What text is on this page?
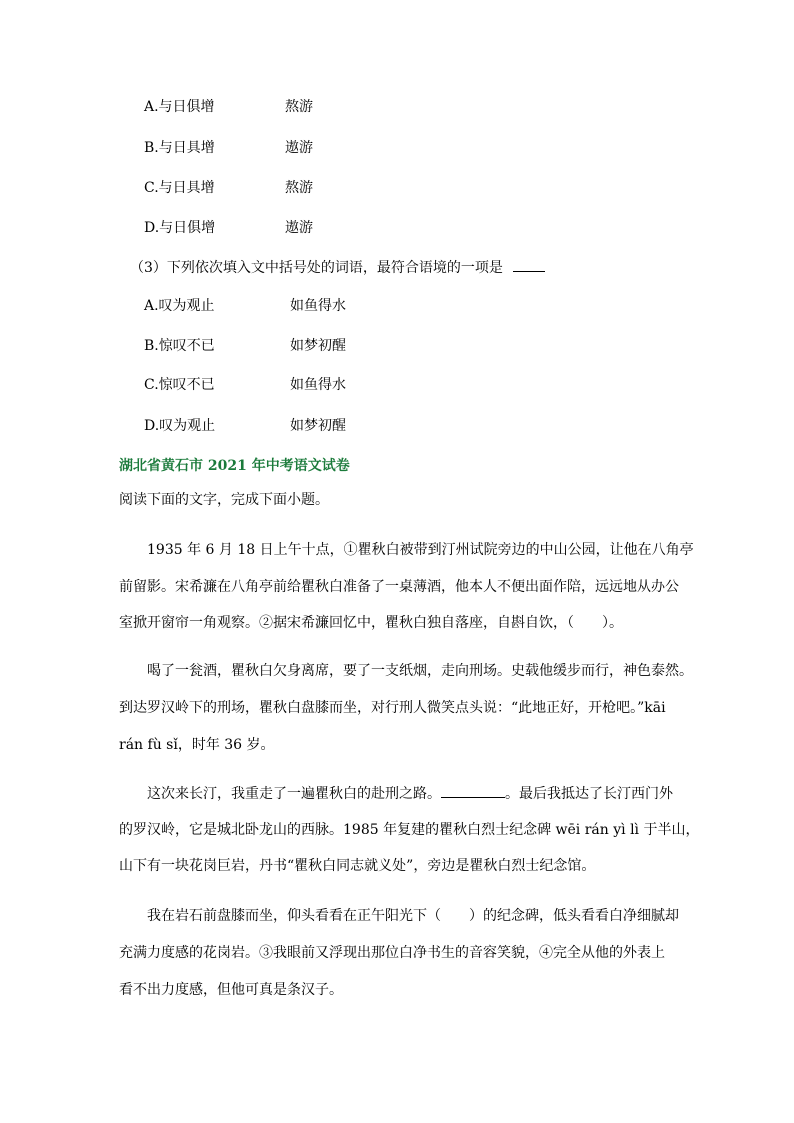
A.与日俱增	熬游
B.与日具增	遨游
C.与日具增	熬游
D.与日俱增	遨游
（3）下列依次填入文中括号处的词语，最符合语境的一项是
A.叹为观止	如鱼得水
B.惊叹不已	如梦初醒
C.惊叹不已	如鱼得水
D.叹为观止	如梦初醒
湖北省黄石市 2021 年中考语文试卷
阅读下面的文字，完成下面小题。
1935 年 6 月 18 日上午十点，①瞿秋白被带到汀州试院旁边的中山公园，让他在八角亭
前留影。宋希濂在八角亭前给瞿秋白准备了一桌薄酒，他本人不便出面作陪，远远地从办公
室掀开窗帘一角观察。②据宋希濂回忆中，瞿秋白独自落座，自斟自饮，（　　）。
喝了一瓮酒，瞿秋白欠身离席，要了一支纸烟，走向刑场。史载他缓步而行，神色泰然。
到达罗汉岭下的刑场，瞿秋白盘膝而坐，对行刑人微笑点头说：“此地正好，开枪吧。”kāi
rán fù sǐ，时年 36 岁。
这次来长汀，我重走了一遍瞿秋白的赴刑之路。	。最后我抵达了长汀西门外
的罗汉岭，它是城北卧龙山的西脉。1985 年复建的瞿秋白烈士纪念碑 wēi rán yì lì 于半山，
山下有一块花岗巨岩，丹书“瞿秋白同志就义处”，旁边是瞿秋白烈士纪念馆。
我在岩石前盘膝而坐，仰头看看在正午阳光下（　　）的纪念碑，低头看看白净细腻却
充满力度感的花岗岩。③我眼前又浮现出那位白净书生的音容笑貌，④完全从他的外表上
看不出力度感，但他可真是条汉子。
